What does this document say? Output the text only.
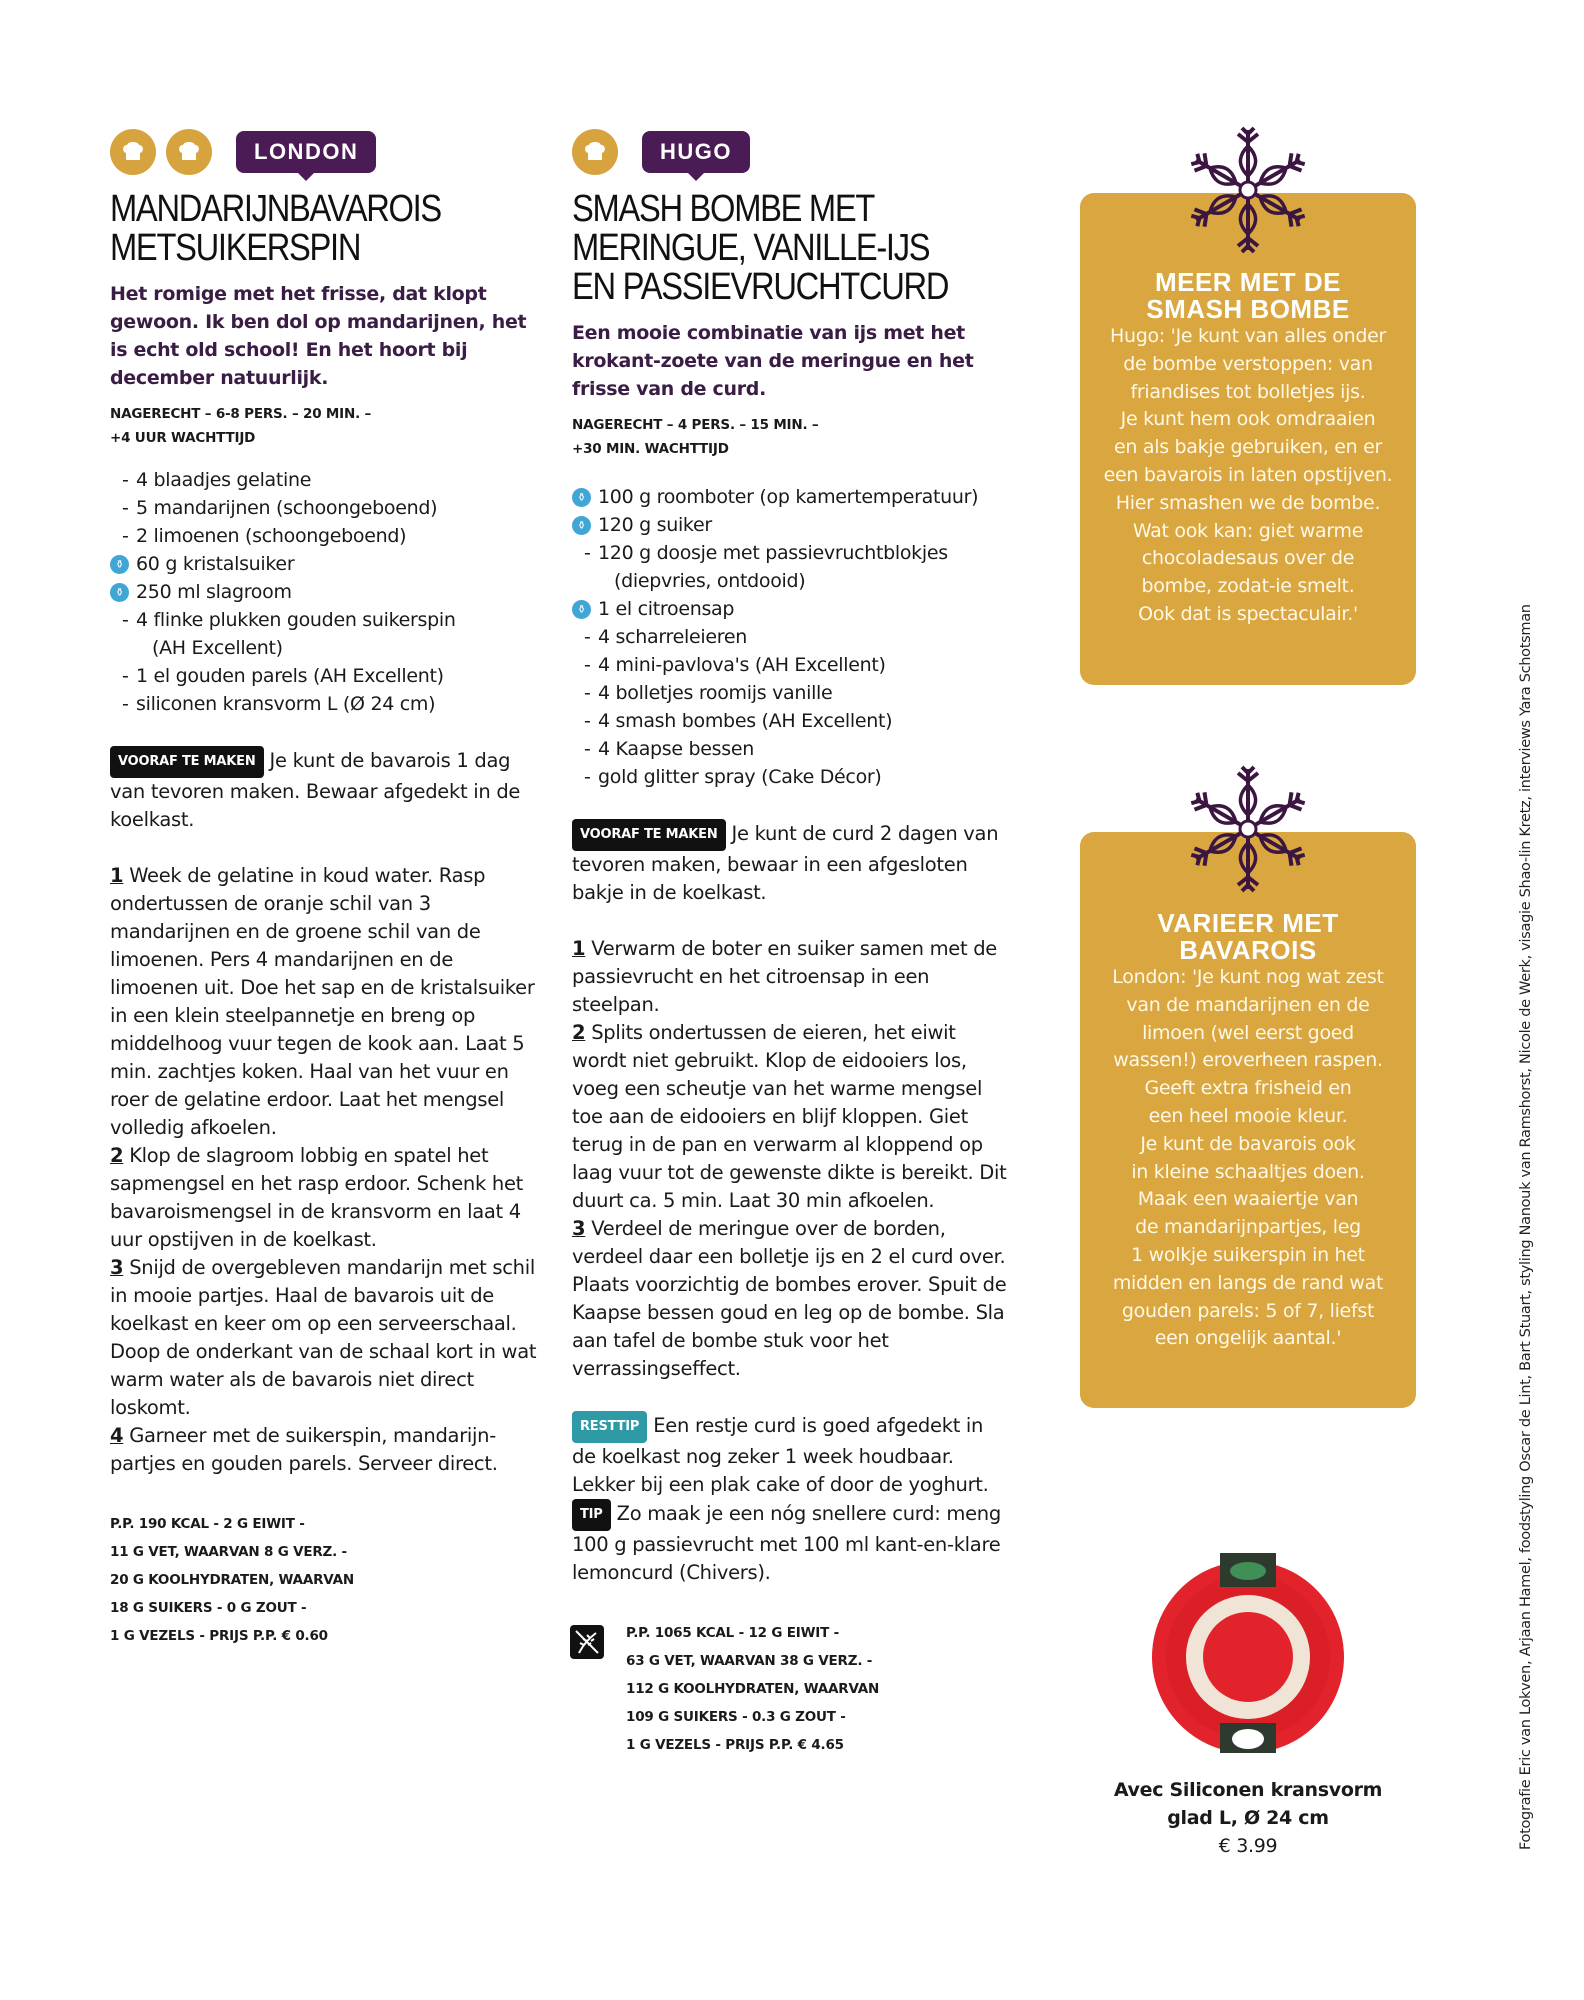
LONDON
MANDARIJNBAVAROIS
METSUIKERSPIN

Het romige met het frisse, dat klopt gewoon. Ik ben dol op mandarijnen, het is echt old school! En het hoort bij december natuurlijk.

NAGERECHT – 6-8 PERS. – 20 MIN. –
+4 UUR WACHTTIJD
- 4 blaadjes gelatine
- 5 mandarijnen (schoongeboend)
- 2 limoenen (schoongeboend)
⚱ 60 g kristalsuiker
⚱ 250 ml slagroom
- 4 flinke plukken gouden suikerspin
(AH Excellent)
- 1 el gouden parels (AH Excellent)
- siliconen kransvorm L (Ø 24 cm)

VOORAF TE MAKEN Je kunt de bavarois 1 dag van tevoren maken. Bewaar afgedekt in de koelkast.

1 Week de gelatine in koud water. Rasp ondertussen de oranje schil van 3 mandarijnen en de groene schil van de limoenen. Pers 4 mandarijnen en de limoenen uit. Doe het sap en de kristalsuiker in een klein steelpannetje en breng op middelhoog vuur tegen de kook aan. Laat 5 min. zachtjes koken. Haal van het vuur en roer de gelatine erdoor. Laat het mengsel volledig afkoelen.

2 Klop de slagroom lobbig en spatel het sapmengsel en het rasp erdoor. Schenk het bavaroismengsel in de kransvorm en laat 4 uur opstijven in de koelkast.

3 Snijd de overgebleven mandarijn met schil in mooie partjes. Haal de bavarois uit de koelkast en keer om op een serveerschaal. Doop de onderkant van de schaal kort in wat warm water als de bavarois niet direct loskomt.

4 Garneer met de suikerspin, mandarijnpartjes en gouden parels. Serveer direct.

P.P. 190 KCAL - 2 G EIWIT -
11 G VET, WAARVAN 8 G VERZ. -
20 G KOOLHYDRATEN, WAARVAN
18 G SUIKERS - 0 G ZOUT -
1 G VEZELS - PRIJS P.P. € 0.60
HUGO
SMASH BOMBE MET
MERINGUE, VANILLE-IJS
EN PASSIEVRUCHTCURD

Een mooie combinatie van ijs met het krokant-zoete van de meringue en het frisse van de curd.

NAGERECHT – 4 PERS. – 15 MIN. –
+30 MIN. WACHTTIJD
⚱ 100 g roomboter (op kamertemperatuur)
⚱ 120 g suiker
- 120 g doosje met passievruchtblokjes
(diepvries, ontdooid)
⚱ 1 el citroensap
- 4 scharreleieren
- 4 mini-pavlova's (AH Excellent)
- 4 bolletjes roomijs vanille
- 4 smash bombes (AH Excellent)
- 4 Kaapse bessen
- gold glitter spray (Cake Décor)

VOORAF TE MAKEN Je kunt de curd 2 dagen van tevoren maken, bewaar in een afgesloten bakje in de koelkast.

1 Verwarm de boter en suiker samen met de passievrucht en het citroensap in een steelpan.

2 Splits ondertussen de eieren, het eiwit wordt niet gebruikt. Klop de eidooiers los, voeg een scheutje van het warme mengsel toe aan de eidooiers en blijf kloppen. Giet terug in de pan en verwarm al kloppend op laag vuur tot de gewenste dikte is bereikt. Dit duurt ca. 5 min. Laat 30 min afkoelen.

3 Verdeel de meringue over de borden, verdeel daar een bolletje ijs en 2 el curd over. Plaats voorzichtig de bombes erover. Spuit de Kaapse bessen goud en leg op de bombe. Sla aan tafel de bombe stuk voor het verrassingseffect.

RESTTIP Een restje curd is goed afgedekt in de koelkast nog zeker 1 week houdbaar. Lekker bij een plak cake of door de yoghurt.

TIP Zo maak je een nóg snellere curd: meng 100 g passievrucht met 100 ml kant-en-klare lemoncurd (Chivers).

P.P. 1065 KCAL - 12 G EIWIT -
63 G VET, WAARVAN 38 G VERZ. -
112 G KOOLHYDRATEN, WAARVAN
109 G SUIKERS - 0.3 G ZOUT -
1 G VEZELS - PRIJS P.P. € 4.65
MEER MET DE
SMASH BOMBE

Hugo: 'Je kunt van alles onder
de bombe verstoppen: van
friandises tot bolletjes ijs.
Je kunt hem ook omdraaien
en als bakje gebruiken, en er
een bavarois in laten opstijven.
Hier smashen we de bombe.
Wat ook kan: giet warme
chocoladesaus over de
bombe, zodat-ie smelt.
Ook dat is spectaculair.'

VARIEER MET
BAVAROIS

London: 'Je kunt nog wat zest
van de mandarijnen en de
limoen (wel eerst goed
wassen!) eroverheen raspen.
Geeft extra frisheid en
een heel mooie kleur.
Je kunt de bavarois ook
in kleine schaaltjes doen.
Maak een waaiertje van
de mandarijnpartjes, leg
1 wolkje suikerspin in het
midden en langs de rand wat
gouden parels: 5 of 7, liefst
een ongelijk aantal.'

Avec Siliconen kransvorm
glad L, Ø 24 cm
€ 3.99	Fotografie Eric van Lokven, Arjaan Hamel, foodstyling Oscar de Lint, Bart Stuart, styling Nanouk van Ramshorst, Nicole de Werk, visagie Shao-lin Kretz, interviews Yara Schotsman
